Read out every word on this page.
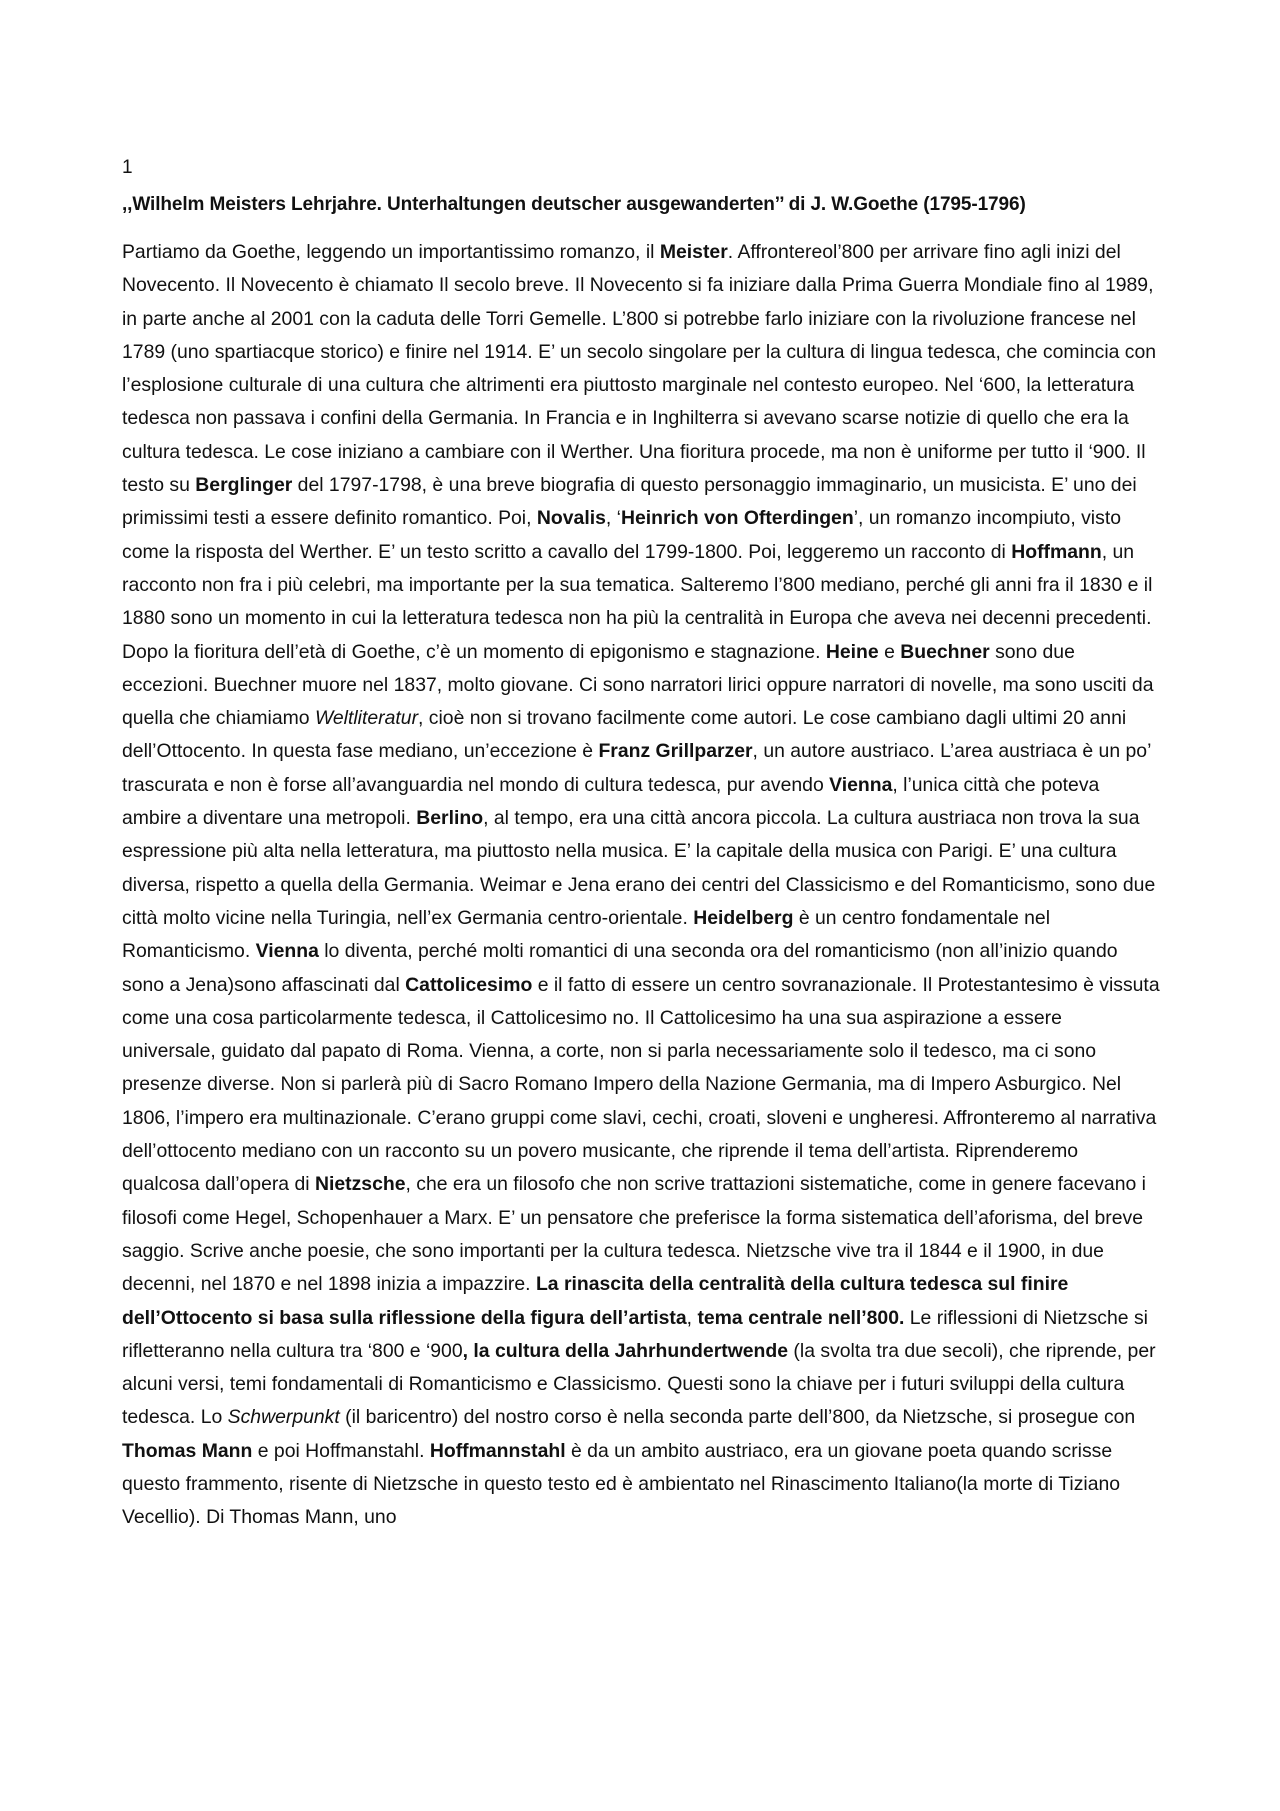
1
,,Wilhelm Meisters Lehrjahre. Unterhaltungen deutscher ausgewanderten’’ di J. W.Goethe (1795-1796)

Partiamo da Goethe, leggendo un importantissimo romanzo, il Meister. Affrontereol’800 per arrivare fino agli inizi del Novecento. Il Novecento è chiamato Il secolo breve. Il Novecento si fa iniziare dalla Prima Guerra Mondiale fino al 1989, in parte anche al 2001 con la caduta delle Torri Gemelle. L’800 si potrebbe farlo iniziare con la rivoluzione francese nel 1789 (uno spartiacque storico) e finire nel 1914. E’ un secolo singolare per la cultura di lingua tedesca, che comincia con l’esplosione culturale di una cultura che altrimenti era piuttosto marginale nel contesto europeo. Nel ‘600, la letteratura tedesca non passava i confini della Germania. In Francia e in Inghilterra si avevano scarse notizie di quello che era la cultura tedesca. Le cose iniziano a cambiare con il Werther. Una fioritura procede, ma non è uniforme per tutto il ‘900. Il testo su Berglinger del 1797-1798, è una breve biografia di questo personaggio immaginario, un musicista. E’ uno dei primissimi testi a essere definito romantico. Poi, Novalis, ‘Heinrich von Ofterdingen’, un romanzo incompiuto, visto come la risposta del Werther. E’ un testo scritto a cavallo del 1799-1800. Poi, leggeremo un racconto di Hoffmann, un racconto non fra i più celebri, ma importante per la sua tematica. Salteremo l’800 mediano, perché gli anni fra il 1830 e il 1880 sono un momento in cui la letteratura tedesca non ha più la centralità in Europa che aveva nei decenni precedenti. Dopo la fioritura dell’età di Goethe, c’è un momento di epigonismo e stagnazione. Heine e Buechner sono due eccezioni. Buechner muore nel 1837, molto giovane. Ci sono narratori lirici oppure narratori di novelle, ma sono usciti da quella che chiamiamo Weltliteratur, cioè non si trovano facilmente come autori. Le cose cambiano dagli ultimi 20 anni dell’Ottocento. In questa fase mediano, un’eccezione è Franz Grillparzer, un autore austriaco. L’area austriaca è un po’ trascurata e non è forse all’avanguardia nel mondo di cultura tedesca, pur avendo Vienna, l’unica città che poteva ambire a diventare una metropoli. Berlino, al tempo, era una città ancora piccola. La cultura austriaca non trova la sua espressione più alta nella letteratura, ma piuttosto nella musica. E’ la capitale della musica con Parigi. E’ una cultura diversa, rispetto a quella della Germania. Weimar e Jena erano dei centri del Classicismo e del Romanticismo, sono due città molto vicine nella Turingia, nell’ex Germania centro-orientale. Heidelberg è un centro fondamentale nel Romanticismo. Vienna lo diventa, perché molti romantici di una seconda ora del romanticismo (non all’inizio quando sono a Jena)sono affascinati dal Cattolicesimo e il fatto di essere un centro sovranazionale. Il Protestantesimo è vissuta come una cosa particolarmente tedesca, il Cattolicesimo no. Il Cattolicesimo ha una sua aspirazione a essere universale, guidato dal papato di Roma. Vienna, a corte, non si parla necessariamente solo il tedesco, ma ci sono presenze diverse. Non si parlerà più di Sacro Romano Impero della Nazione Germania, ma di Impero Asburgico. Nel 1806, l’impero era multinazionale. C’erano gruppi come slavi, cechi, croati, sloveni e ungheresi. Affronteremo al narrativa dell’ottocento mediano con un racconto su un povero musicante, che riprende il tema dell’artista. Riprenderemo qualcosa dall’opera di Nietzsche, che era un filosofo che non scrive trattazioni sistematiche, come in genere facevano i filosofi come Hegel, Schopenhauer a Marx. E’ un pensatore che preferisce la forma sistematica dell’aforisma, del breve saggio. Scrive anche poesie, che sono importanti per la cultura tedesca. Nietzsche vive tra il 1844 e il 1900, in due decenni, nel 1870 e nel 1898 inizia a impazzire. La rinascita della centralità della cultura tedesca sul finire dell’Ottocento si basa sulla riflessione della figura dell’artista, tema centrale nell’800. Le riflessioni di Nietzsche si rifletteranno nella cultura tra ‘800 e ‘900, la cultura della Jahrhundertwende (la svolta tra due secoli), che riprende, per alcuni versi, temi fondamentali di Romanticismo e Classicismo. Questi sono la chiave per i futuri sviluppi della cultura tedesca. Lo Schwerpunkt (il baricentro) del nostro corso è nella seconda parte dell’800, da Nietzsche, si prosegue con Thomas Mann e poi Hoffmanstahl. Hoffmannstahl è da un ambito austriaco, era un giovane poeta quando scrisse questo frammento, risente di Nietzsche in questo testo ed è ambientato nel Rinascimento Italiano(la morte di Tiziano Vecellio). Di Thomas Mann, uno
